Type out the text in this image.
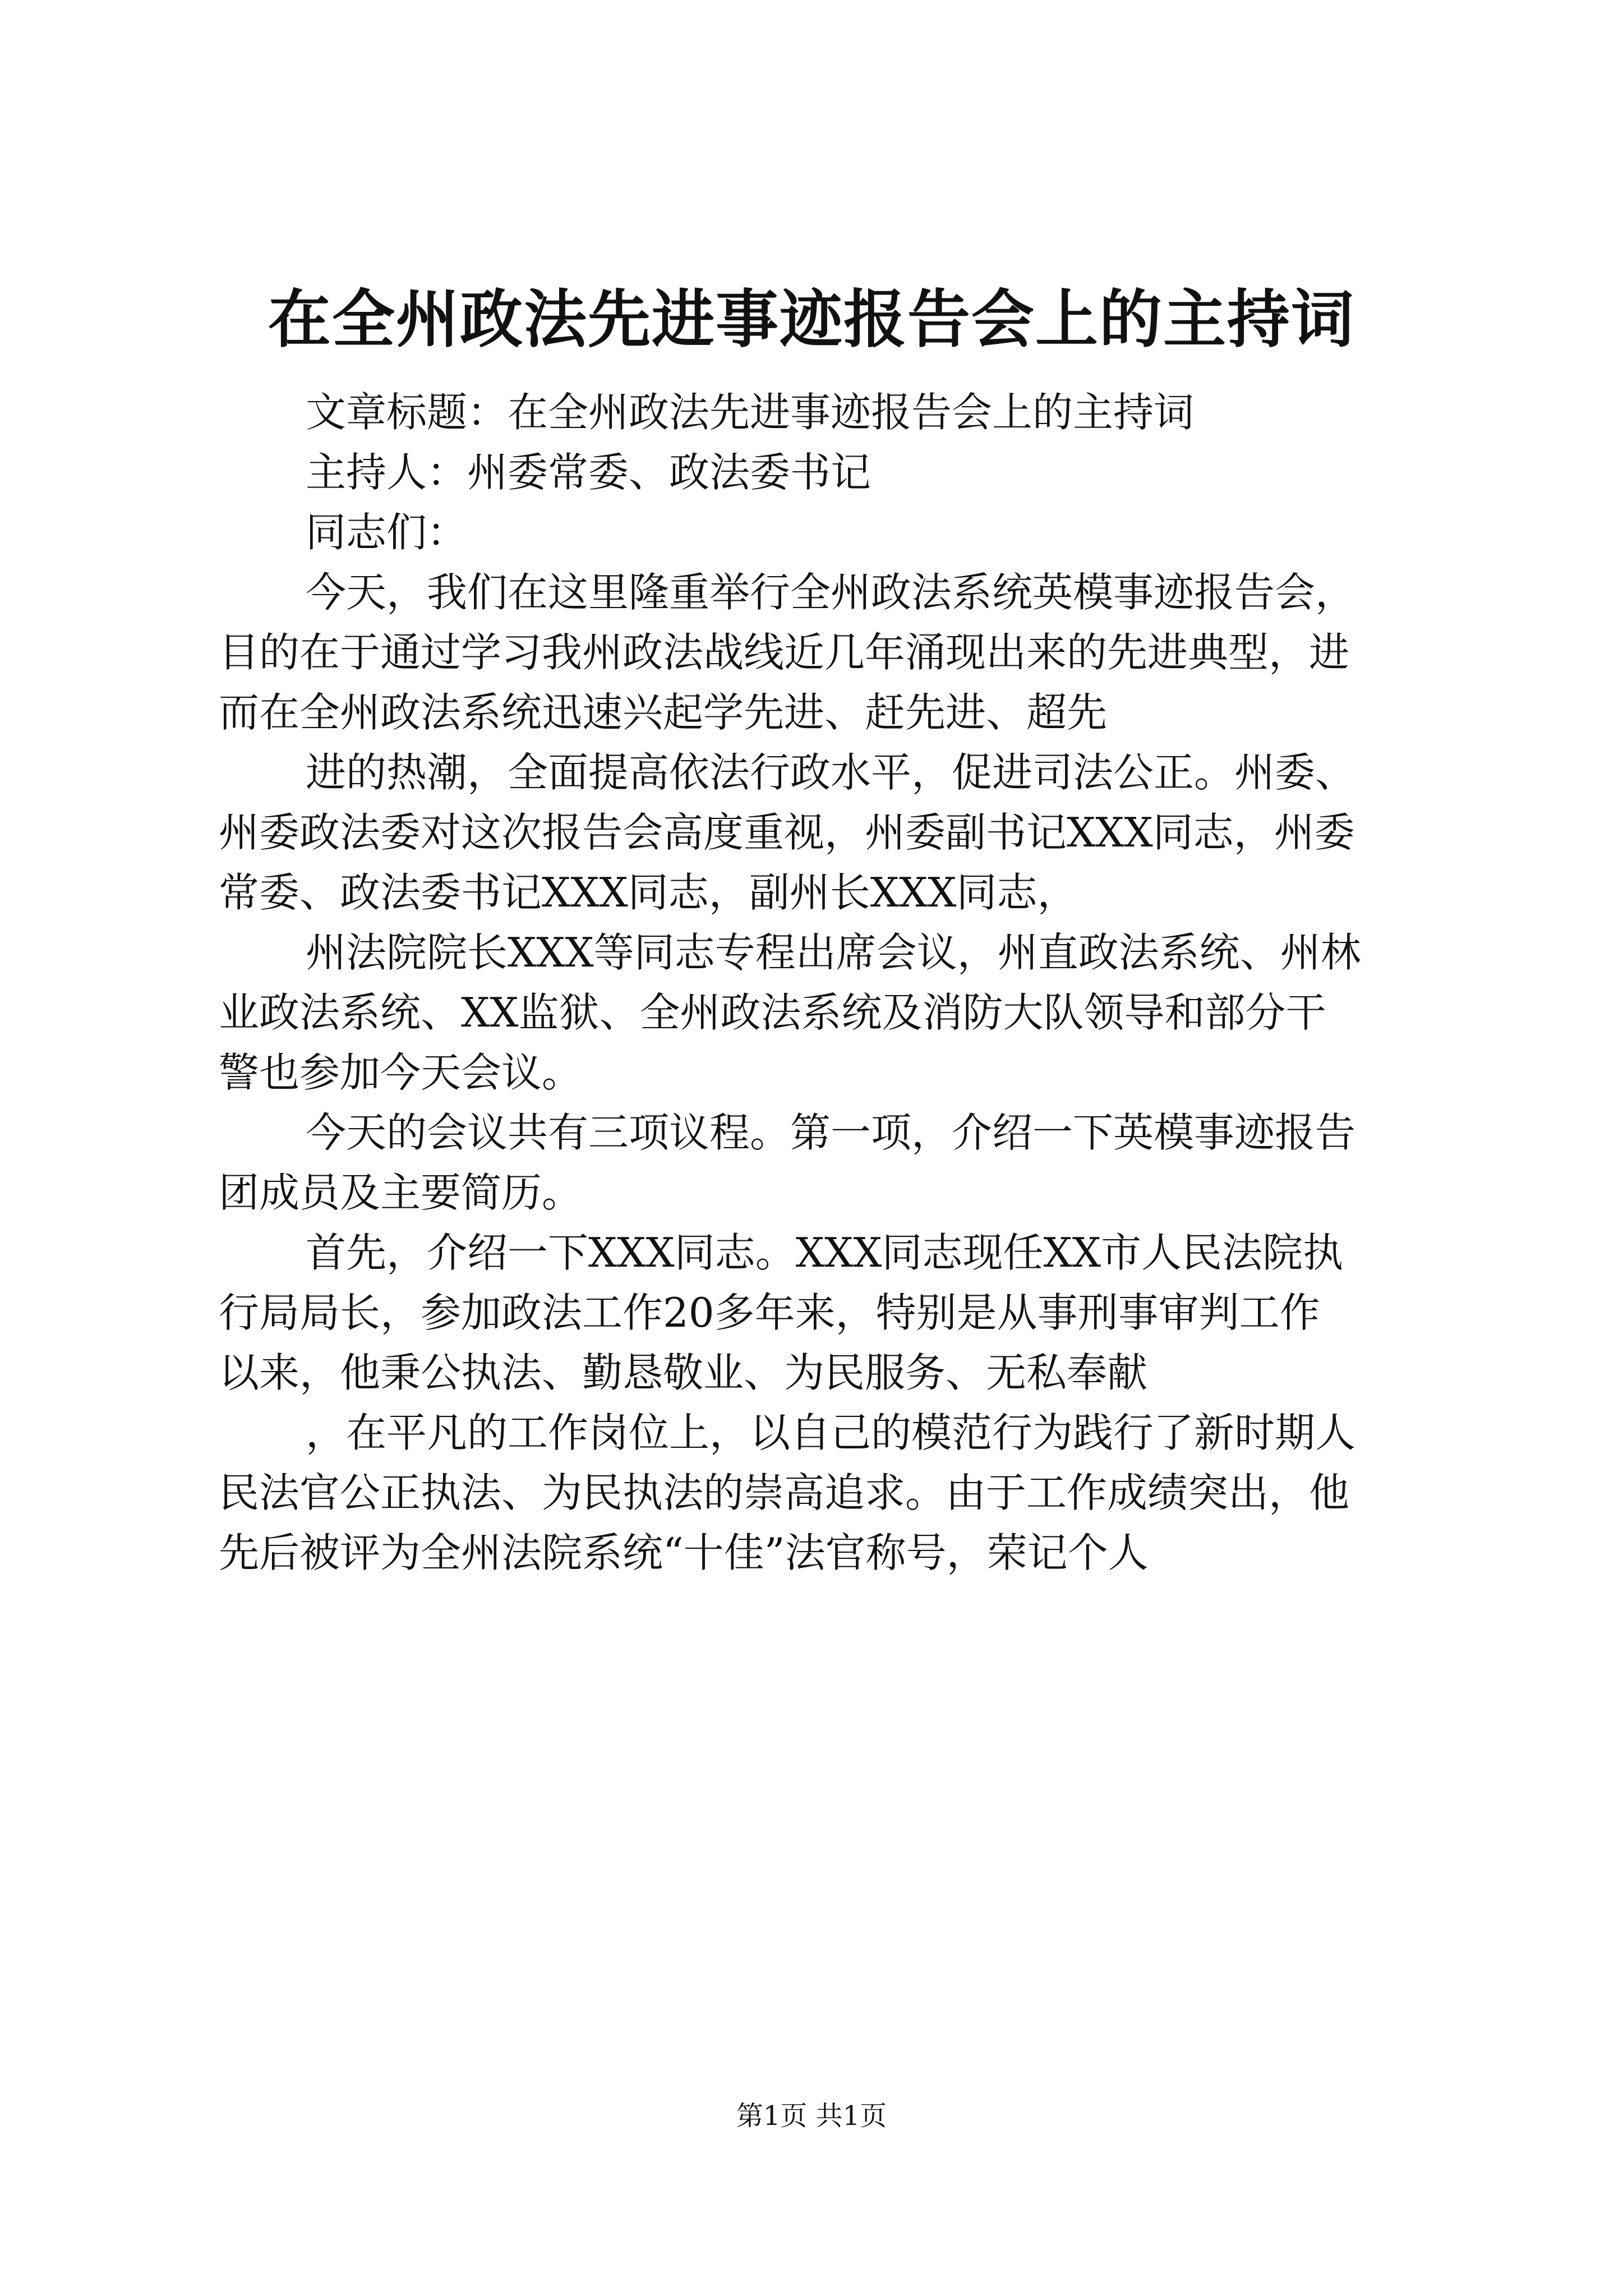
在全州政法先进事迹报告会上的主持词
文章标题：在全州政法先进事迹报告会上的主持词
主持人：州委常委、政法委书记
同志们：
今天，我们在这里隆重举行全州政法系统英模事迹报告会，
目的在于通过学习我州政法战线近几年涌现出来的先进典型，进
而在全州政法系统迅速兴起学先进、赶先进、超先
进的热潮，全面提高依法行政水平，促进司法公正。州委、
州委政法委对这次报告会高度重视，州委副书记XXX同志，州委
常委、政法委书记XXX同志，副州长XXX同志，
州法院院长XXX等同志专程出席会议，州直政法系统、州林
业政法系统、XX监狱、全州政法系统及消防大队领导和部分干
警也参加今天会议。
今天的会议共有三项议程。第一项，介绍一下英模事迹报告
团成员及主要简历。
首先，介绍一下XXX同志。XXX同志现任XX市人民法院执
行局局长，参加政法工作20多年来，特别是从事刑事审判工作
以来，他秉公执法、勤恳敬业、为民服务、无私奉献
，在平凡的工作岗位上，以自己的模范行为践行了新时期人
民法官公正执法、为民执法的崇高追求。由于工作成绩突出，他
先后被评为全州法院系统“十佳”法官称号，荣记个人
第1页 共1页
